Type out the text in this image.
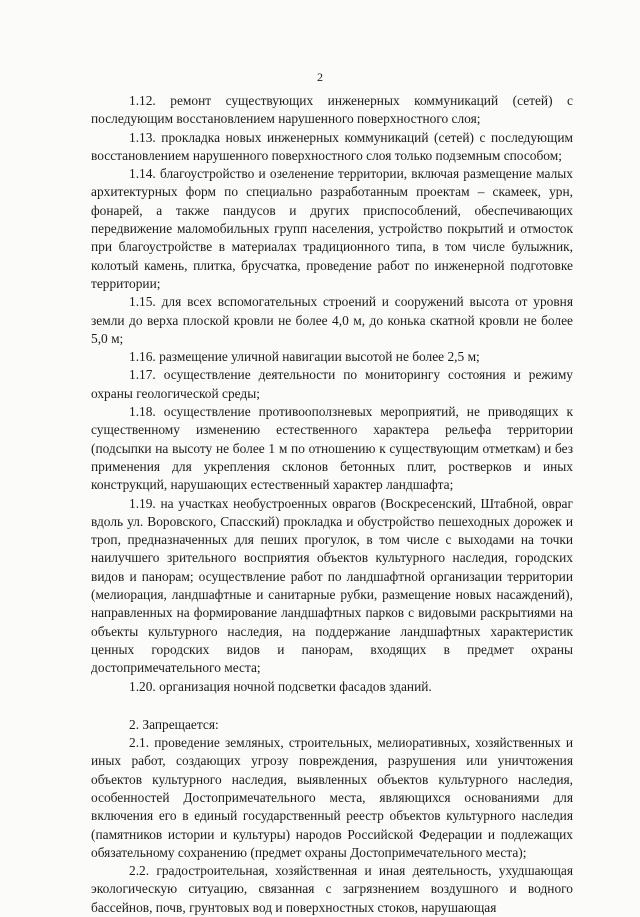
2

1.12. ремонт существующих инженерных коммуникаций (сетей) с последующим восстановлением нарушенного поверхностного слоя;

1.13. прокладка новых инженерных коммуникаций (сетей) с последующим восстановлением нарушенного поверхностного слоя только подземным способом;

1.14. благоустройство и озеленение территории, включая размещение малых архитектурных форм по специально разработанным проектам – скамеек, урн, фонарей, а также пандусов и других приспособлений, обеспечивающих передвижение маломобильных групп населения, устройство покрытий и отмосток при благоустройстве в материалах традиционного типа, в том числе булыжник, колотый камень, плитка, брусчатка, проведение работ по инженерной подготовке территории;

1.15. для всех вспомогательных строений и сооружений высота от уровня земли до верха плоской кровли не более 4,0 м, до конька скатной кровли не более 5,0 м;

1.16. размещение уличной навигации высотой не более 2,5 м;

1.17. осуществление деятельности по мониторингу состояния и режиму охраны геологической среды;

1.18. осуществление противооползневых мероприятий, не приводящих к существенному изменению естественного характера рельефа территории (подсыпки на высоту не более 1 м по отношению к существующим отметкам) и без применения для укрепления склонов бетонных плит, ростверков и иных конструкций, нарушающих естественный характер ландшафта;

1.19. на участках необустроенных оврагов (Воскресенский, Штабной, овраг вдоль ул. Воровского, Спасский) прокладка и обустройство пешеходных дорожек и троп, предназначенных для пеших прогулок, в том числе с выходами на точки наилучшего зрительного восприятия объектов культурного наследия, городских видов и панорам; осуществление работ по ландшафтной организации территории (мелиорация, ландшафтные и санитарные рубки, размещение новых насаждений), направленных на формирование ландшафтных парков с видовыми раскрытиями на объекты культурного наследия, на поддержание ландшафтных характеристик ценных городских видов и панорам, входящих в предмет охраны достопримечательного места;

1.20. организация ночной подсветки фасадов зданий.

2. Запрещается:

2.1. проведение земляных, строительных, мелиоративных, хозяйственных и иных работ, создающих угрозу повреждения, разрушения или уничтожения объектов культурного наследия, выявленных объектов культурного наследия, особенностей Достопримечательного места, являющихся основаниями для включения его в единый государственный реестр объектов культурного наследия (памятников истории и культуры) народов Российской Федерации и подлежащих обязательному сохранению (предмет охраны Достопримечательного места);

2.2. градостроительная, хозяйственная и иная деятельность, ухудшающая экологическую ситуацию, связанная с загрязнением воздушного и водного бассейнов, почв, грунтовых вод и поверхностных стоков, нарушающая
